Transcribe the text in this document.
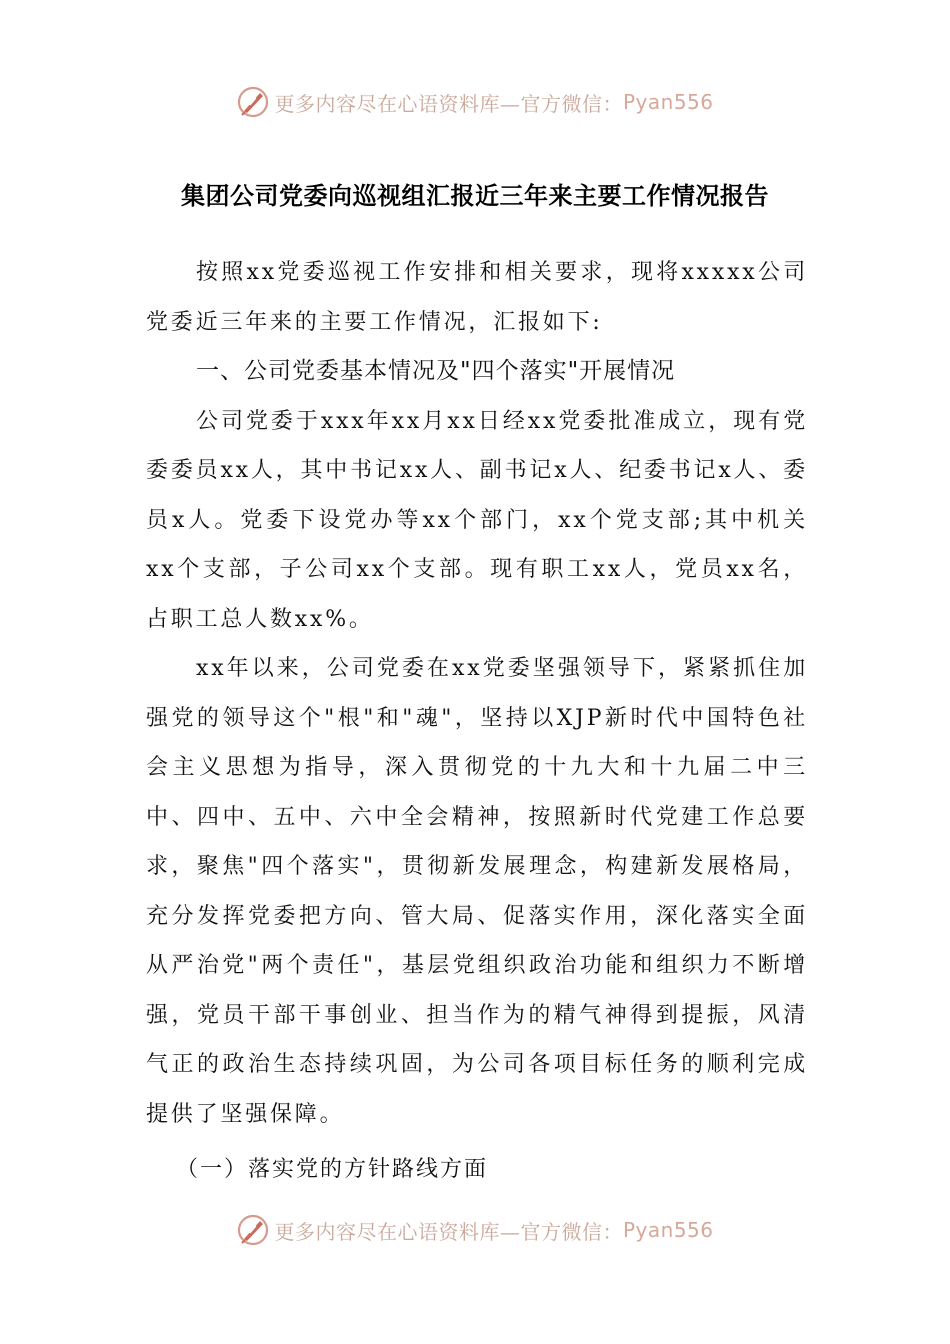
更多内容尽在心语资料库—官方微信： Pyan556
集团公司党委向巡视组汇报近三年来主要工作情况报告

按照xx党委巡视工作安排和相关要求，现将xxxxx公司党委近三年来的主要工作情况，汇报如下:

一、公司党委基本情况及"四个落实"开展情况

公司党委于xxx年xx月xx日经xx党委批准成立，现有党委委员xx人，其中书记xx人、副书记x人、纪委书记x人、委员x人。党委下设党办等xx个部门，xx个党支部;其中机关xx个支部，子公司xx个支部。现有职工xx人，党员xx名，占职工总人数xx%。

xx年以来，公司党委在xx党委坚强领导下，紧紧抓住加强党的领导这个"根"和"魂"，坚持以XJP新时代中国特色社会主义思想为指导，深入贯彻党的十九大和十九届二中三中、四中、五中、六中全会精神，按照新时代党建工作总要求，聚焦"四个落实"，贯彻新发展理念，构建新发展格局，充分发挥党委把方向、管大局、促落实作用，深化落实全面从严治党"两个责任"，基层党组织政治功能和组织力不断增强，党员干部干事创业、担当作为的精气神得到提振，风清气正的政治生态持续巩固，为公司各项目标任务的顺利完成提供了坚强保障。

（一）落实党的方针路线方面

更多内容尽在心语资料库—官方微信： Pyan556
